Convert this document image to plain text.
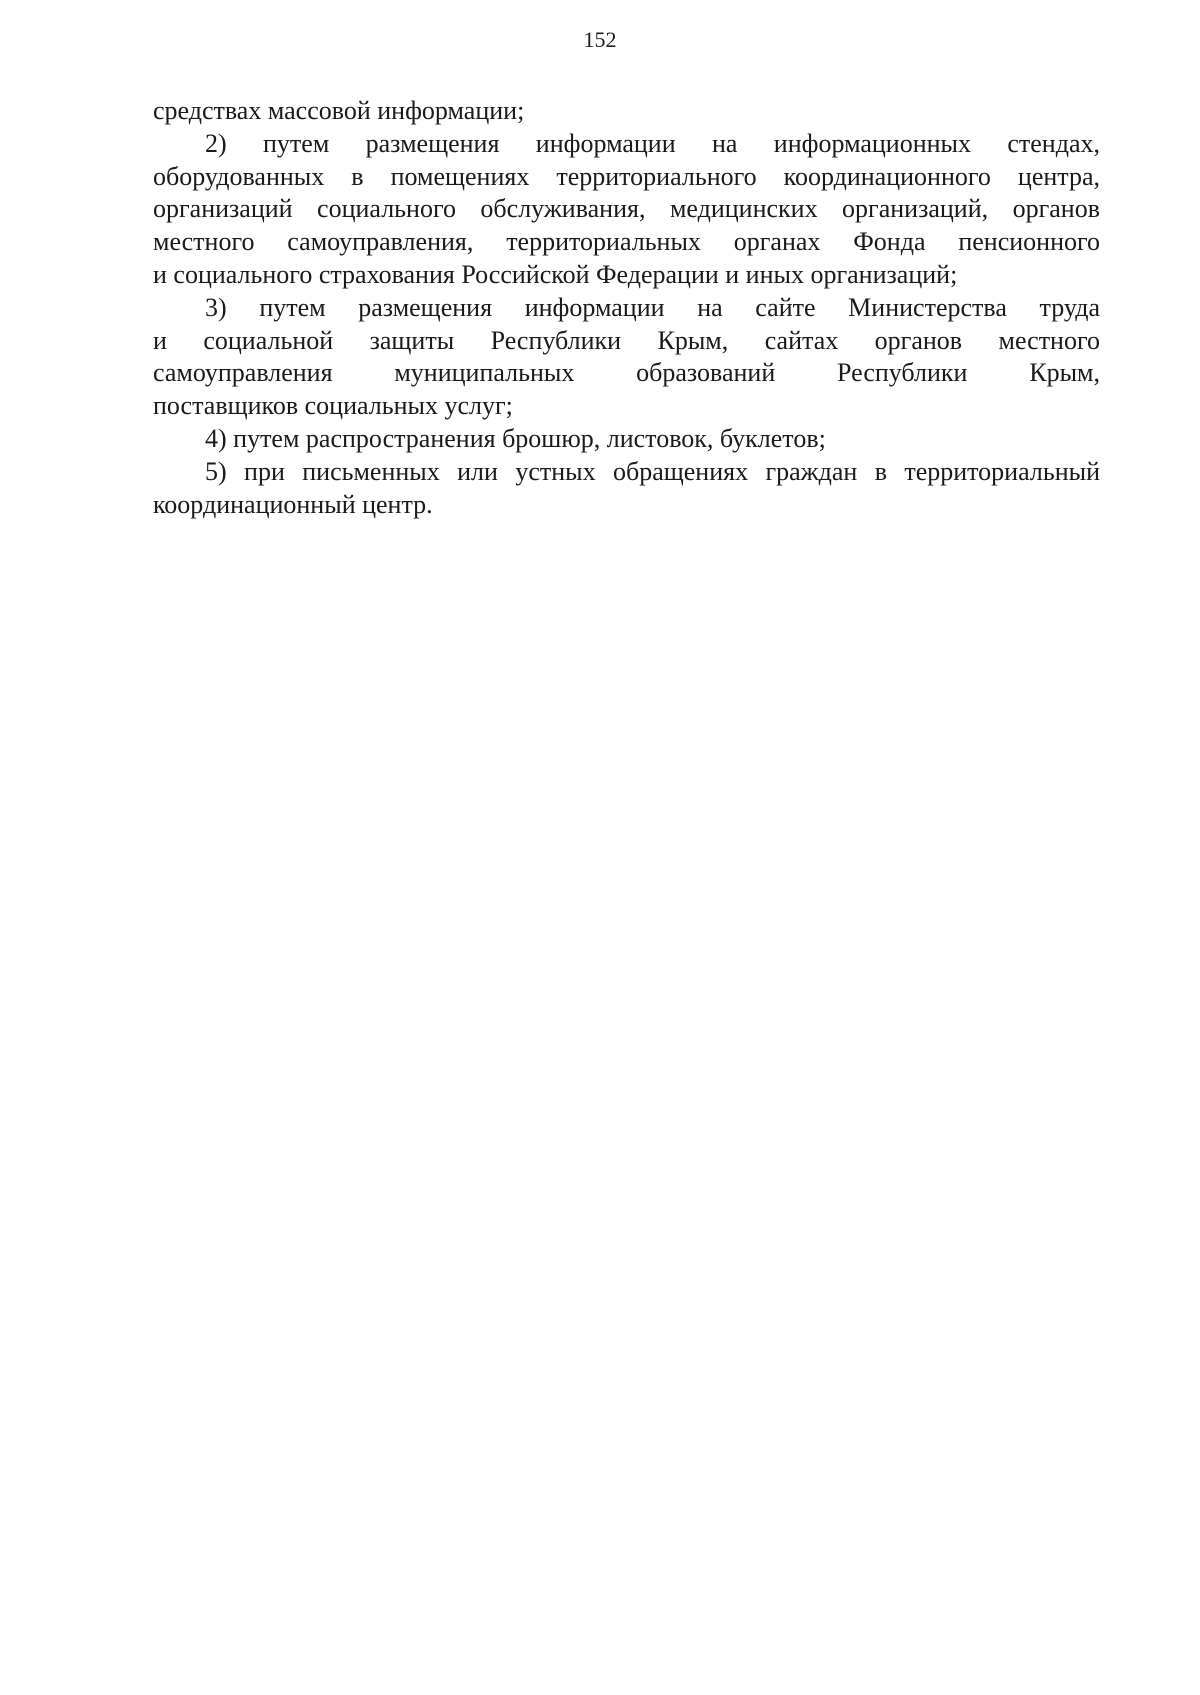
152
средствах массовой информации;
2) путем размещения информации на информационных стендах,
оборудованных в помещениях территориального координационного центра,
организаций социального обслуживания, медицинских организаций, органов
местного самоуправления, территориальных органах Фонда пенсионного
и социального страхования Российской Федерации и иных организаций;
3) путем размещения информации на сайте Министерства труда
и социальной защиты Республики Крым, сайтах органов местного
самоуправления муниципальных образований Республики Крым,
поставщиков социальных услуг;
4) путем распространения брошюр, листовок, буклетов;
5) при письменных или устных обращениях граждан в территориальный
координационный центр.
